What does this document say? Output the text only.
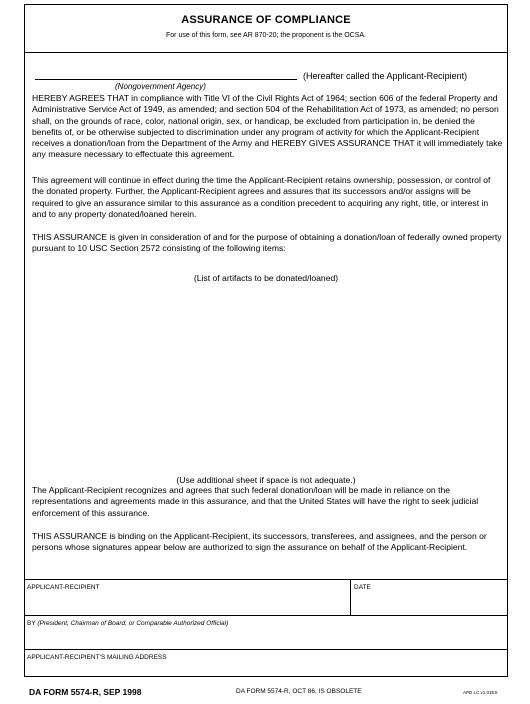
ASSURANCE OF COMPLIANCE
For use of this form, see AR 870-20; the proponent is the OCSA.
(Nongovernment Agency)
(Hereafter called the Applicant-Recipient)

HEREBY AGREES THAT in compliance with Title VI of the Civil Rights Act of 1964; section 606 of the federal Property and Administrative Service Act of 1949, as amended; and section 504 of the Rehabilitation Act of 1973, as amended; no person shall, on the grounds of race, color, national origin, sex, or handicap, be excluded from participation in, be denied the benefits of, or be otherwise subjected to discrimination under any program of activity for which the Applicant-Recipient receives a donation/loan from the Department of the Army and HEREBY GIVES ASSURANCE THAT it will immediately take any measure necessary to effectuate this agreement.

This agreement will continue in effect during the time the Applicant-Recipient retains ownership, possession, or control of the donated property. Further, the Applicant-Recipient agrees and assures that its successors and/or assigns will be required to give an assurance similar to this assurance as a condition precedent to acquiring any right, title, or interest in and to any property donated/loaned herein.

THIS ASSURANCE is given in consideration of and for the purpose of obtaining a donation/loan of federally owned property pursuant to 10 USC Section 2572 consisting of the following items:

(List of artifacts to be donated/loaned)
(Use additional sheet if space is not adequate.)

The Applicant-Recipient recognizes and agrees that such federal donation/loan will be made in reliance on the representations and agreements made in this assurance, and that the United States will have the right to seek judicial enforcement of this assurance.

THIS ASSURANCE is binding on the Applicant-Recipient, its successors, transferees, and assignees, and the person or persons whose signatures appear below are authorized to sign the assurance on behalf of the Applicant-Recipient.

APPLICANT-RECIPIENT	DATE
BY (President, Chairman of Board, or Comparable Authorized Official)
APPLICANT-RECIPIENT'S MAILING ADDRESS
DA FORM 5574-R, SEP 1998	DA FORM 5574-R, OCT 86, IS OBSOLETE	APD LC v1.01ES
